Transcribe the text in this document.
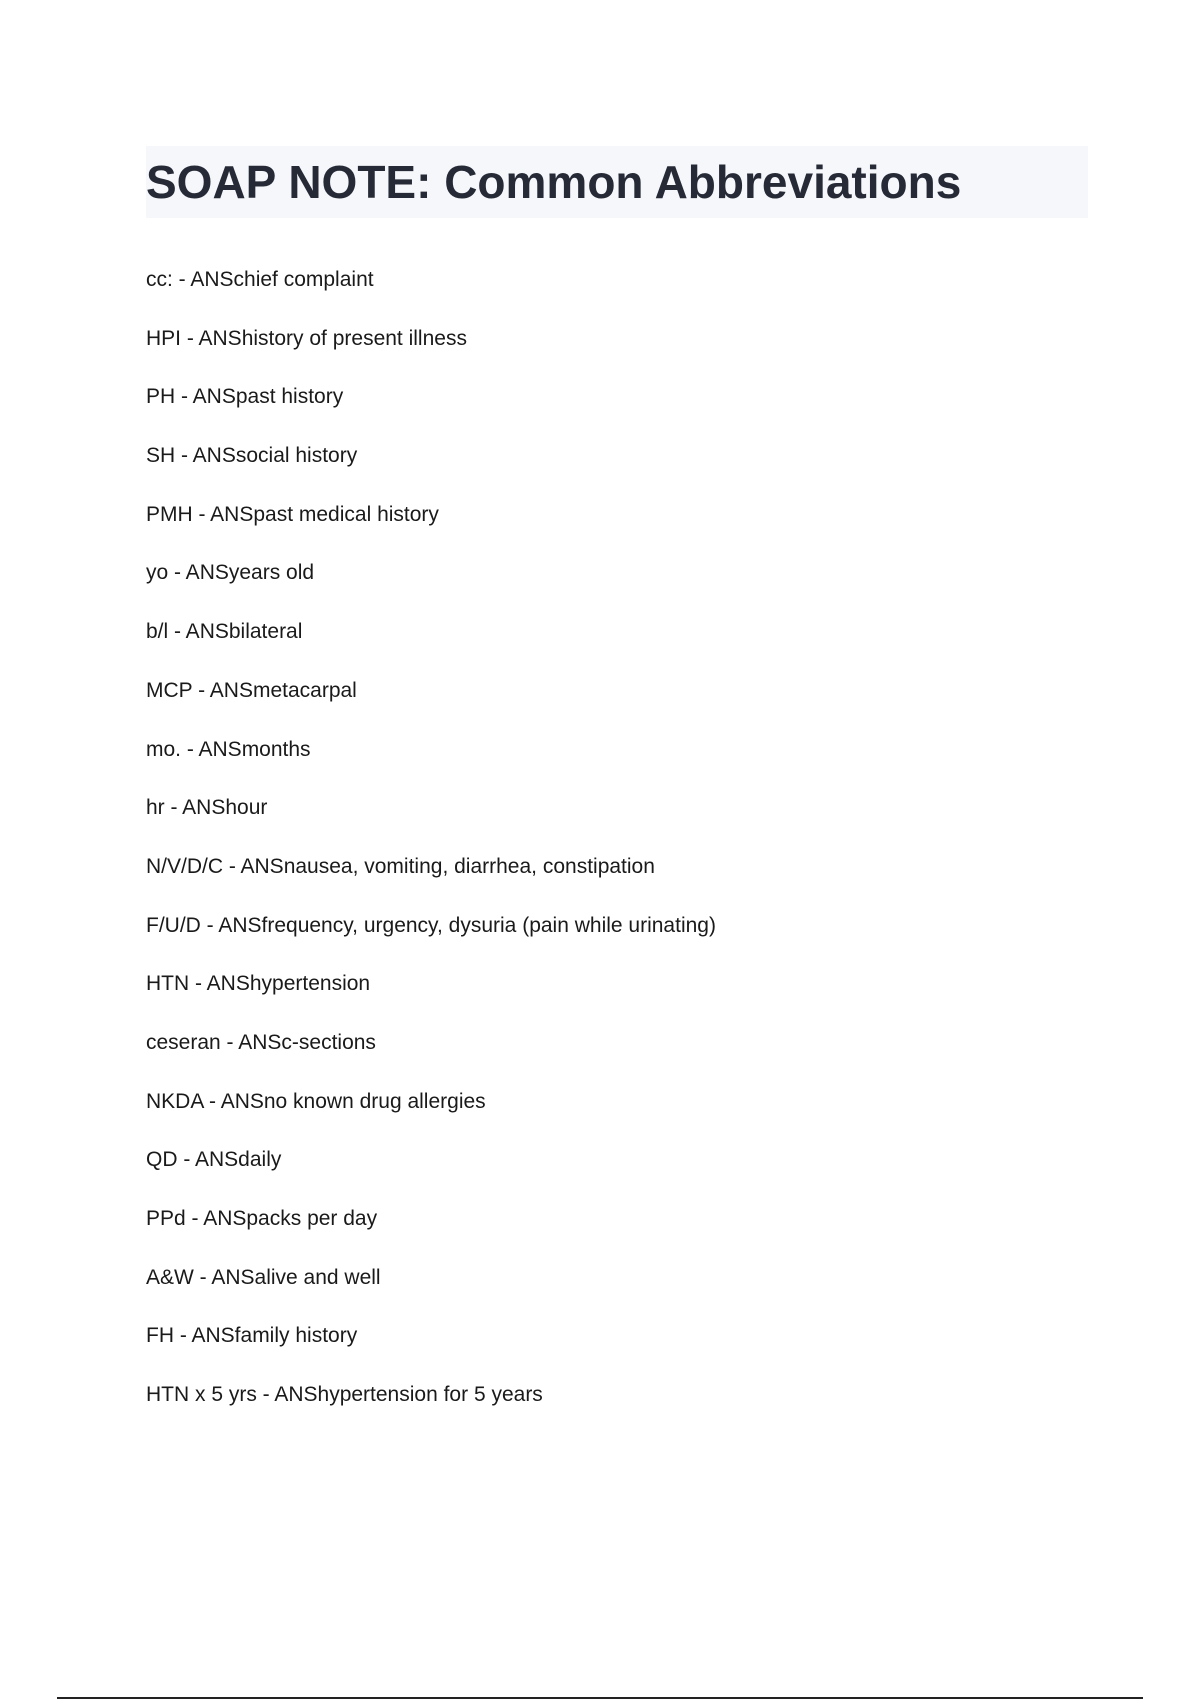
SOAP NOTE: Common Abbreviations
cc: - ANSchief complaint
HPI - ANShistory of present illness
PH - ANSpast history
SH - ANSsocial history
PMH - ANSpast medical history
yo - ANSyears old
b/l - ANSbilateral
MCP - ANSmetacarpal
mo. - ANSmonths
hr - ANShour
N/V/D/C - ANSnausea, vomiting, diarrhea, constipation
F/U/D - ANSfrequency, urgency, dysuria (pain while urinating)
HTN - ANShypertension
ceseran - ANSc-sections
NKDA - ANSno known drug allergies
QD - ANSdaily
PPd - ANSpacks per day
A&W - ANSalive and well
FH - ANSfamily history
HTN x 5 yrs - ANShypertension for 5 years
